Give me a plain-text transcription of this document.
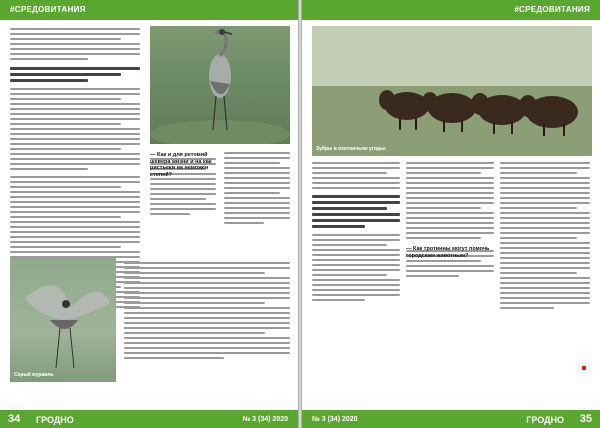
#СРЕДОВИТАНИЯ
— Как и для ретомий шевера жизни и на как ристьеки на неможен степей?
Серый журавль
34 ГРОДНО	№ 3 (34) 2020
#СРЕДОВИТАНИЯ
Зубры в охотничьем угодье
— Как тротинны могут помочь городским животным?
№ 3 (34) 2020	ГРОДНО 35
